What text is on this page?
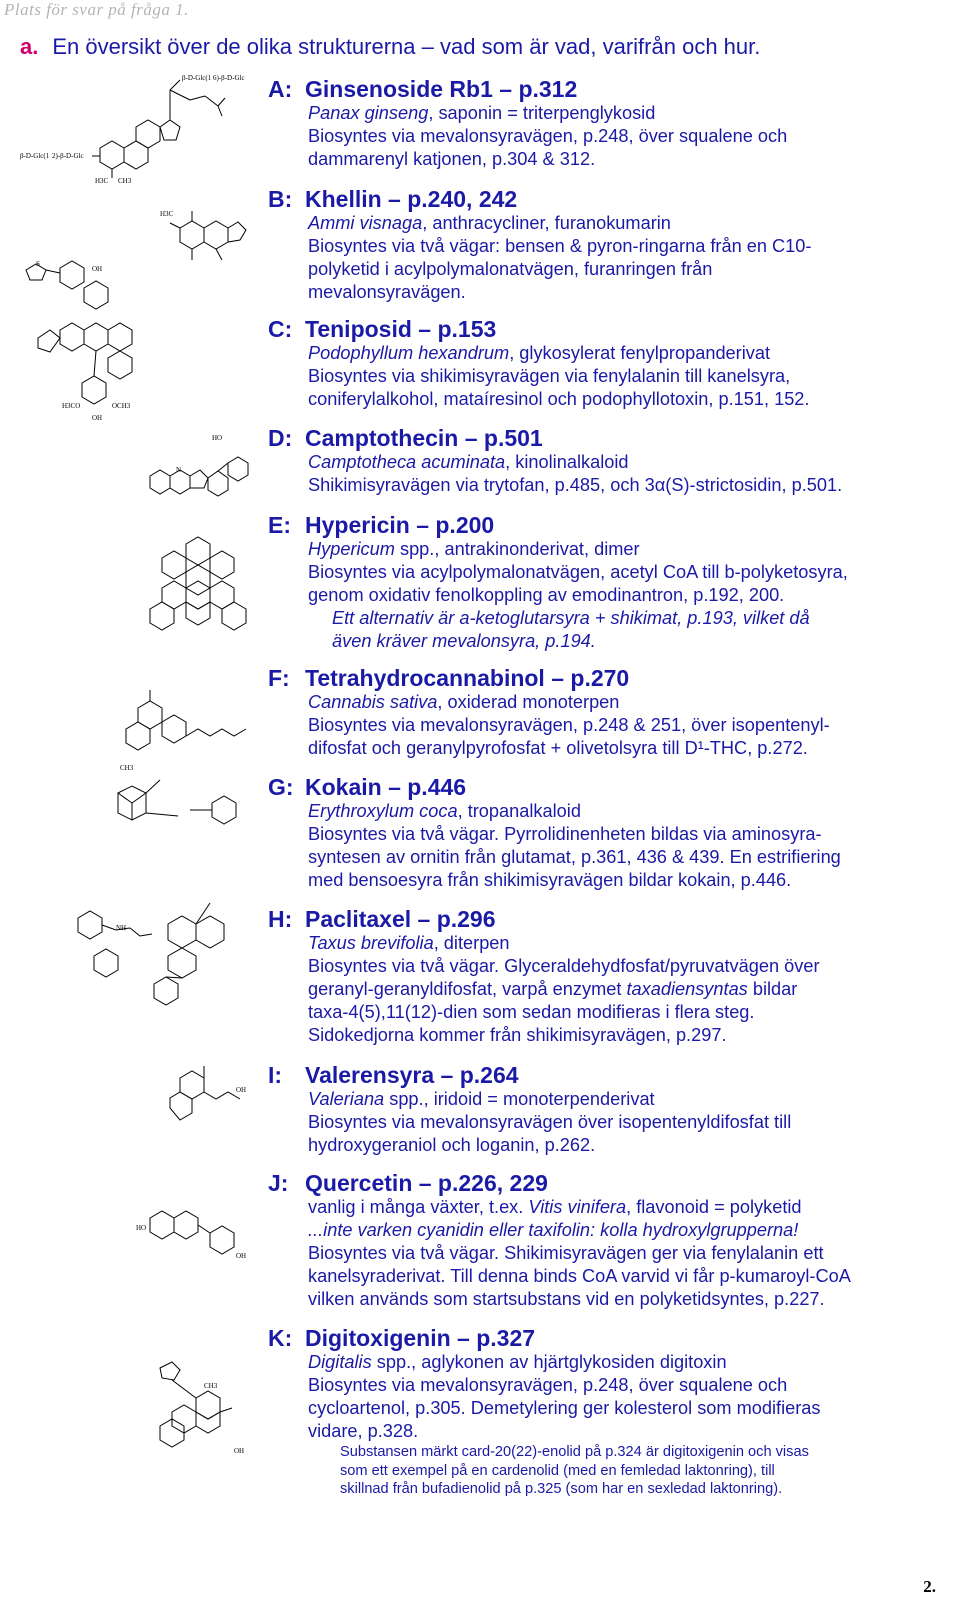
Plats för svar på fråga 1.
a. En översikt över de olika strukturerna – vad som är vad, varifrån och hur.
β-D-Glc(1 2)-β-D-Glc
β-D-Glc(1 6)-β-D-Glc
H3C CH3
H3C
S
OH
H3CO	OCH3
OH
N
HO
NH
CH3
OH
HO
OH
CH3
OH
A: Ginsenoside Rb1 – p.312
Panax ginseng, saponin = triterpenglykosid
Biosyntes via mevalonsyravägen, p.248, över squalene och
dammarenyl katjonen, p.304 & 312.
B: Khellin – p.240, 242
Ammi visnaga, anthracycliner, furanokumarin
Biosyntes via två vägar: bensen & pyron-ringarna från en C10-
polyketid i acylpolymalonatvägen, furanringen från
mevalonsyravägen.
C: Teniposid – p.153
Podophyllum hexandrum, glykosylerat fenylpropanderivat
Biosyntes via shikimisyravägen via fenylalanin till kanelsyra,
coniferylalkohol, mataíresinol och podophyllotoxin, p.151, 152.
D: Camptothecin – p.501
Camptotheca acuminata, kinolinalkaloid
Shikimisyravägen via trytofan, p.485, och 3α(S)-strictosidin, p.501.
E: Hypericin – p.200
Hypericum spp., antrakinonderivat, dimer
Biosyntes via acylpolymalonatvägen, acetyl CoA till b-polyketosyra,
genom oxidativ fenolkoppling av emodinantron, p.192, 200.
Ett alternativ är a-ketoglutarsyra + shikimat, p.193, vilket då
även kräver mevalonsyra, p.194.
F: Tetrahydrocannabinol – p.270
Cannabis sativa, oxiderad monoterpen
Biosyntes via mevalonsyravägen, p.248 & 251, över isopentenyl-
difosfat och geranylpyrofosfat + olivetolsyra till D¹-THC, p.272.
G: Kokain – p.446
Erythroxylum coca, tropanalkaloid
Biosyntes via två vägar. Pyrrolidinenheten bildas via aminosyra-
syntesen av ornitin från glutamat, p.361, 436 & 439. En estrifiering
med bensoesyra från shikimisyravägen bildar kokain, p.446.
H: Paclitaxel – p.296
Taxus brevifolia, diterpen
Biosyntes via två vägar. Glyceraldehydfosfat/pyruvatvägen över
geranyl-geranyldifosfat, varpå enzymet taxadiensyntas bildar
taxa-4(5),11(12)-dien som sedan modifieras i flera steg.
Sidokedjorna kommer från shikimisyravägen, p.297.
I: Valerensyra – p.264
Valeriana spp., iridoid = monoterpenderivat
Biosyntes via mevalonsyravägen över isopentenyldifosfat till
hydroxygeraniol och loganin, p.262.
J: Quercetin – p.226, 229
vanlig i många växter, t.ex. Vitis vinifera, flavonoid = polyketid
...inte varken cyanidin eller taxifolin: kolla hydroxylgrupperna!
Biosyntes via två vägar. Shikimisyravägen ger via fenylalanin ett
kanelsyraderivat. Till denna binds CoA varvid vi får p-kumaroyl-CoA
vilken används som startsubstans vid en polyketidsyntes, p.227.
K: Digitoxigenin – p.327
Digitalis spp., aglykonen av hjärtglykosiden digitoxin
Biosyntes via mevalonsyravägen, p.248, över squalene och
cycloartenol, p.305. Demetylering ger kolesterol som modifieras
vidare, p.328.
Substansen märkt card-20(22)-enolid på p.324 är digitoxigenin och visas
som ett exempel på en cardenolid (med en femledad laktonring), till
skillnad från bufadienolid på p.325 (som har en sexledad laktonring).
2.
